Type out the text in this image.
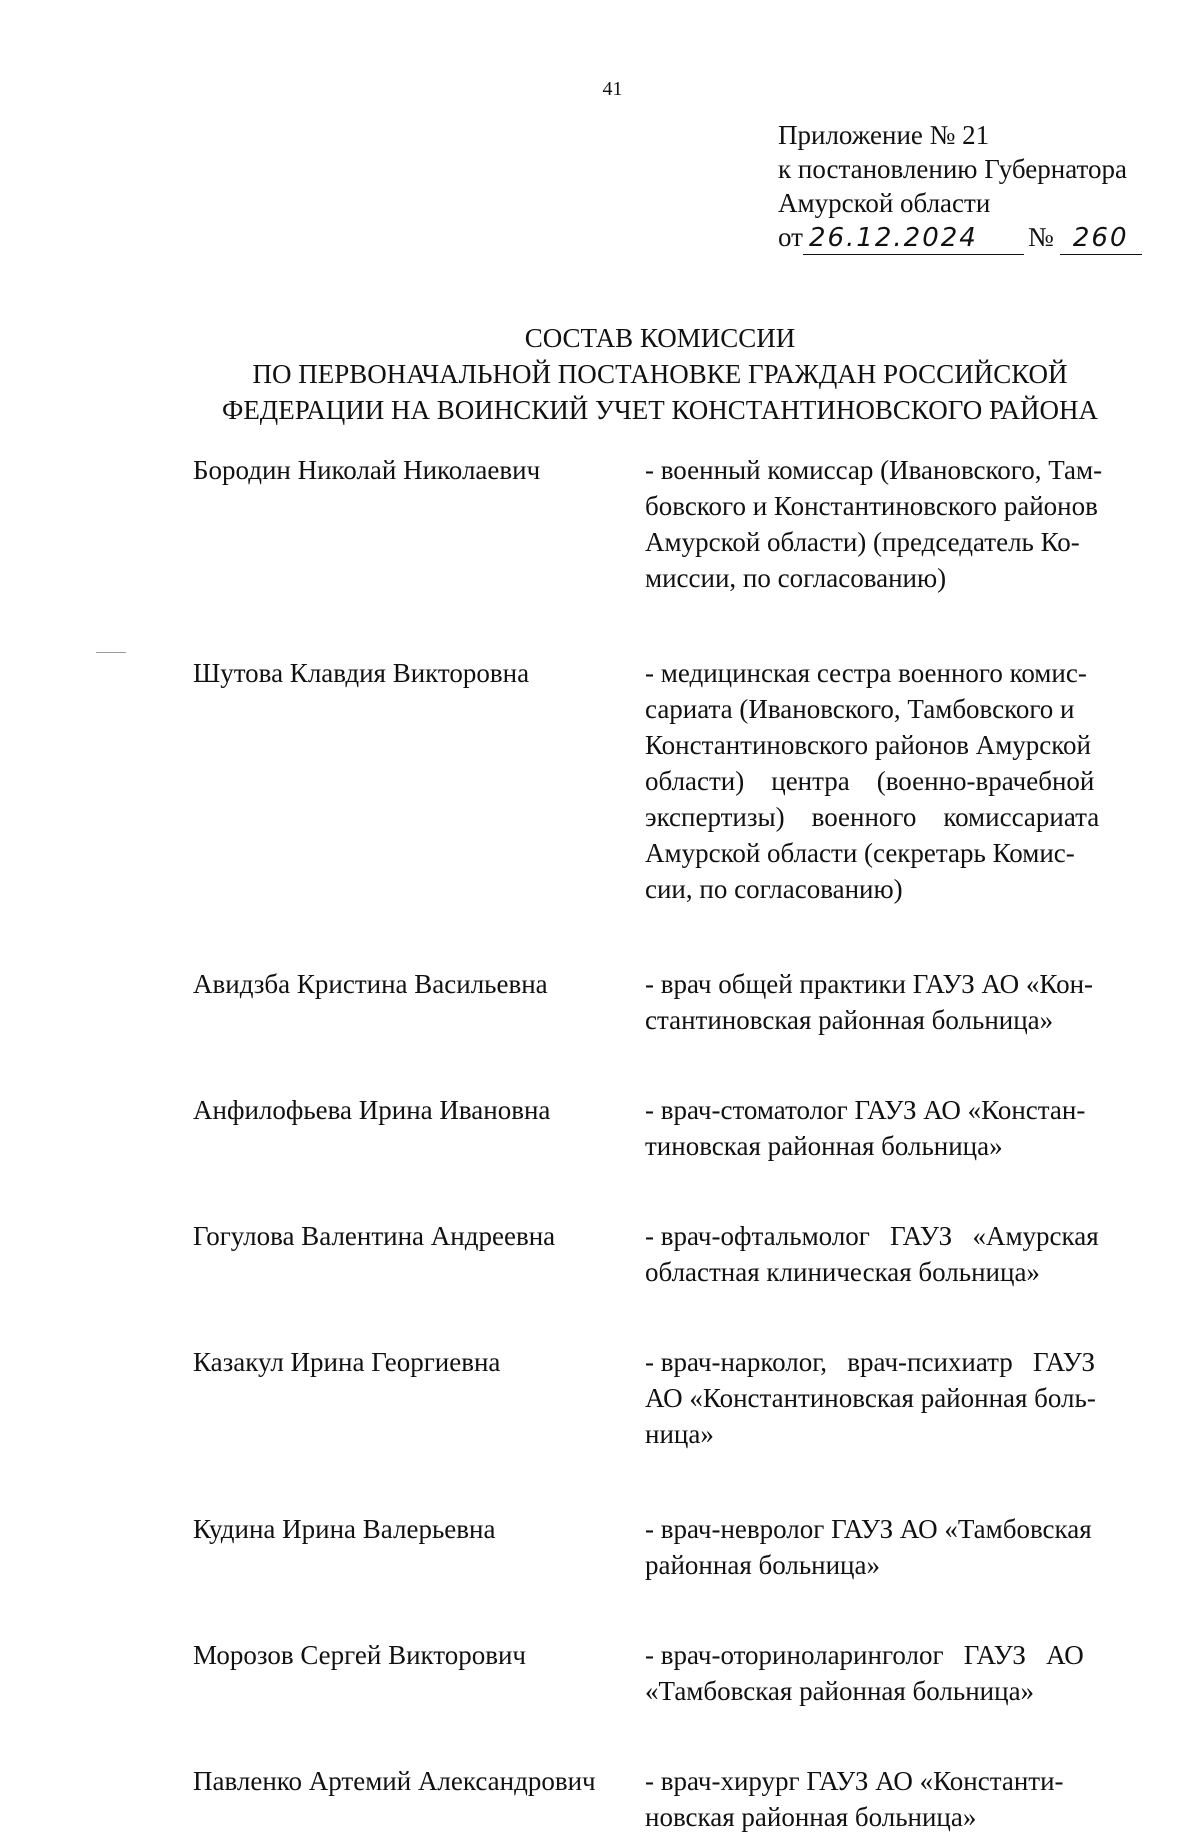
41
Приложение № 21
к постановлению Губернатора
Амурской области
от 26.12.2024	№ 260
СОСТАВ КОМИССИИ
ПО ПЕРВОНАЧАЛЬНОЙ ПОСТАНОВКЕ ГРАЖДАН РОССИЙСКОЙ
ФЕДЕРАЦИИ НА ВОИНСКИЙ УЧЕТ КОНСТАНТИНОВСКОГО РАЙОНА
Бородин Николай Николаевич	- военный комиссар (Ивановского, Там-
бовского и Константиновского районов
Амурской области) (председатель Ко-
миссии, по согласованию)
Шутова Клавдия Викторовна	- медицинская сестра военного комис-
сариата (Ивановского, Тамбовского и
Константиновского районов Амурской
области)    центра    (военно-врачебной
экспертизы)    военного    комиссариата
Амурской области (секретарь Комис-
сии, по согласованию)
Авидзба Кристина Васильевна	- врач общей практики ГАУЗ АО «Кон-
стантиновская районная больница»
Анфилофьева Ирина Ивановна	- врач-стоматолог ГАУЗ АО «Констан-
тиновская районная больница»
Гогулова Валентина Андреевна	- врач-офтальмолог   ГАУЗ   «Амурская
областная клиническая больница»
Казакул Ирина Георгиевна	- врач-нарколог,   врач-психиатр   ГАУЗ
АО «Константиновская районная боль-
ница»
Кудина Ирина Валерьевна	- врач-невролог ГАУЗ АО «Тамбовская
районная больница»
Морозов Сергей Викторович	- врач-оториноларинголог   ГАУЗ   АО
«Тамбовская районная больница»
Павленко Артемий Александрович	- врач-хирург ГАУЗ АО «Константи-
новская районная больница»
